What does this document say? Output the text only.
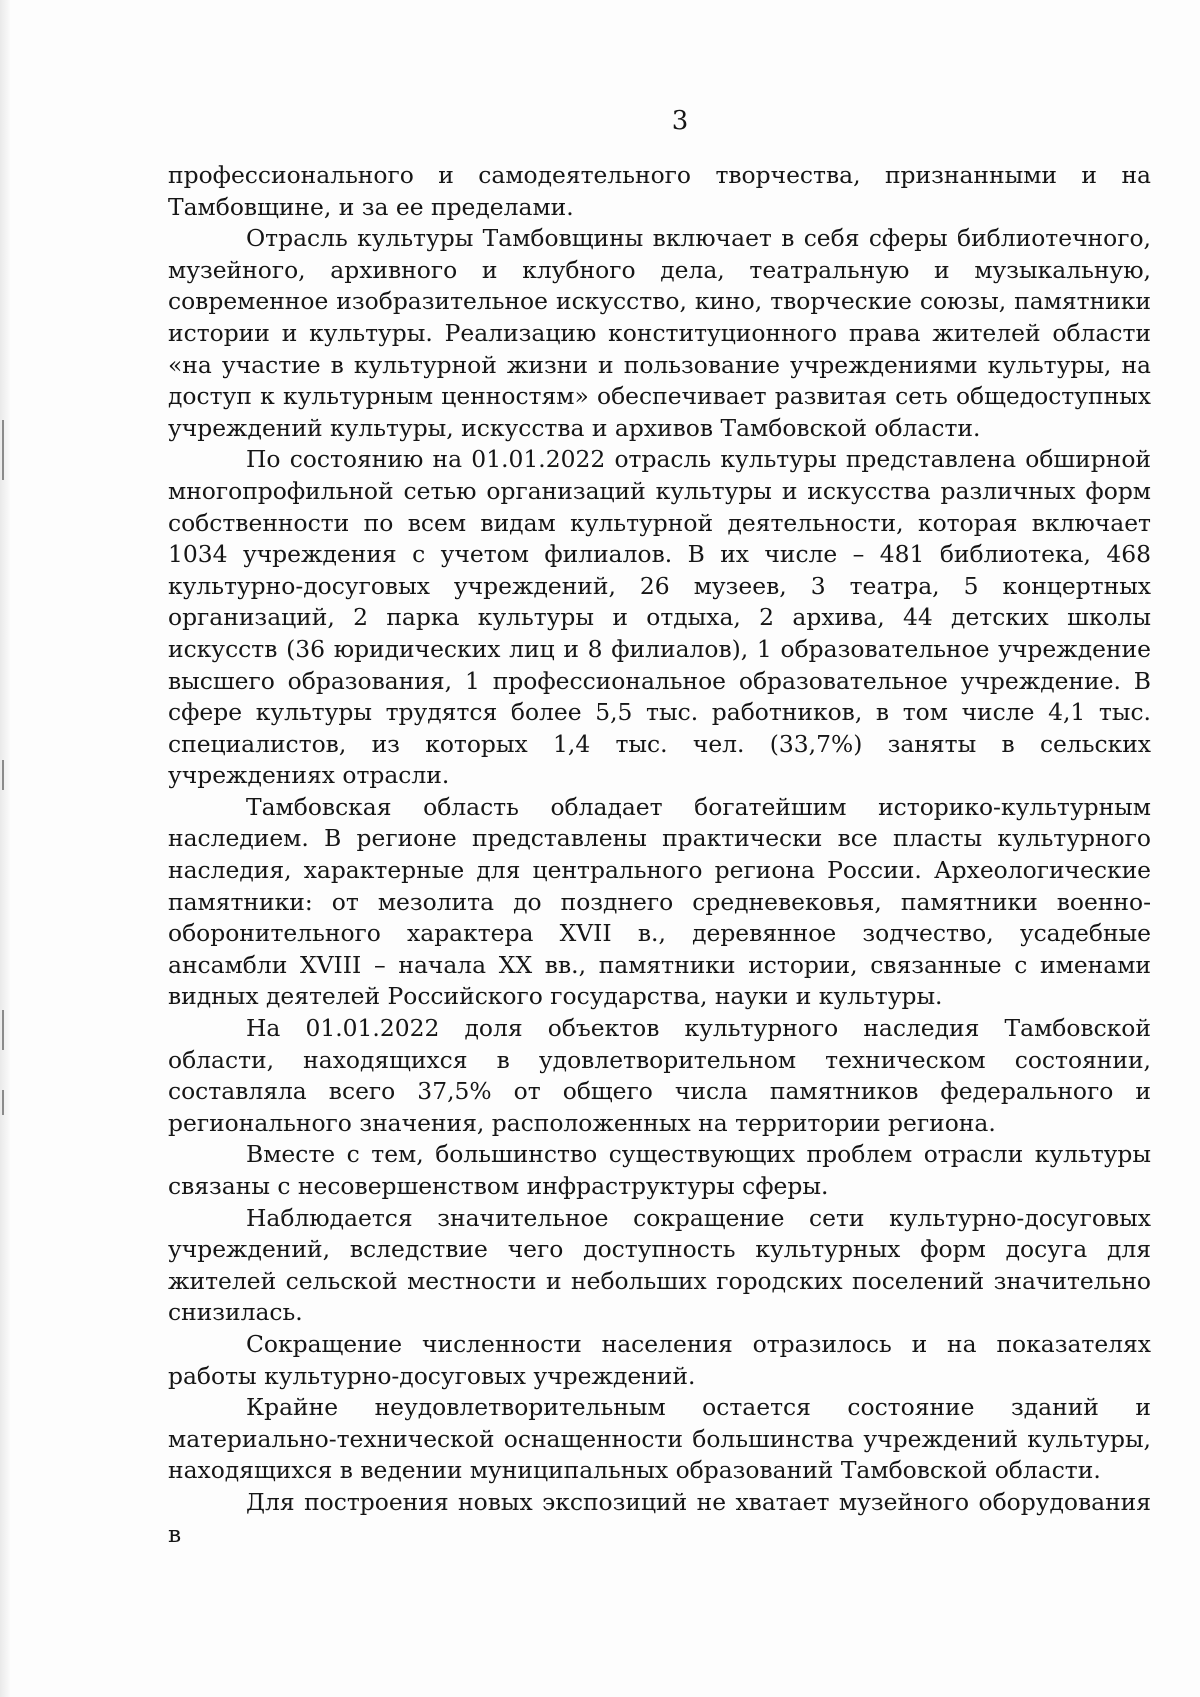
3

профессионального и самодеятельного творчества, признанными и на Тамбовщине, и за ее пределами.

Отрасль культуры Тамбовщины включает в себя сферы библиотечного, музейного, архивного и клубного дела, театральную и музыкальную, современное изобразительное искусство, кино, творческие союзы, памятники истории и культуры. Реализацию конституционного права жителей области «на участие в культурной жизни и пользование учреждениями культуры, на доступ к культурным ценностям» обеспечивает развитая сеть общедоступных учреждений культуры, искусства и архивов Тамбовской области.

По состоянию на 01.01.2022 отрасль культуры представлена обширной многопрофильной сетью организаций культуры и искусства различных форм собственности по всем видам культурной деятельности, которая включает 1034 учреждения с учетом филиалов. В их числе – 481 библиотека, 468 культурно-досуговых учреждений, 26 музеев, 3 театра, 5 концертных организаций, 2 парка культуры и отдыха, 2 архива, 44 детских школы искусств (36 юридических лиц и 8 филиалов), 1 образовательное учреждение высшего образования, 1 профессиональное образовательное учреждение. В сфере культуры трудятся более 5,5 тыс. работников, в том числе 4,1 тыс. специалистов, из которых 1,4 тыс. чел. (33,7%) заняты в сельских учреждениях отрасли.

Тамбовская область обладает богатейшим историко-культурным наследием. В регионе представлены практически все пласты культурного наследия, характерные для центрального региона России. Археологические памятники: от мезолита до позднего средневековья, памятники военно-оборонительного характера XVII в., деревянное зодчество, усадебные ансамбли XVIII – начала XX вв., памятники истории, связанные с именами видных деятелей Российского государства, науки и культуры.

На 01.01.2022 доля объектов культурного наследия Тамбовской области, находящихся в удовлетворительном техническом состоянии, составляла всего 37,5% от общего числа памятников федерального и регионального значения, расположенных на территории региона.

Вместе с тем, большинство существующих проблем отрасли культуры связаны с несовершенством инфраструктуры сферы.

Наблюдается значительное сокращение сети культурно-досуговых учреждений, вследствие чего доступность культурных форм досуга для жителей сельской местности и небольших городских поселений значительно снизилась.

Сокращение численности населения отразилось и на показателях работы культурно-досуговых учреждений.

Крайне неудовлетворительным остается состояние зданий и материально-технической оснащенности большинства учреждений культуры, находящихся в ведении муниципальных образований Тамбовской области.

Для построения новых экспозиций не хватает музейного оборудования в
